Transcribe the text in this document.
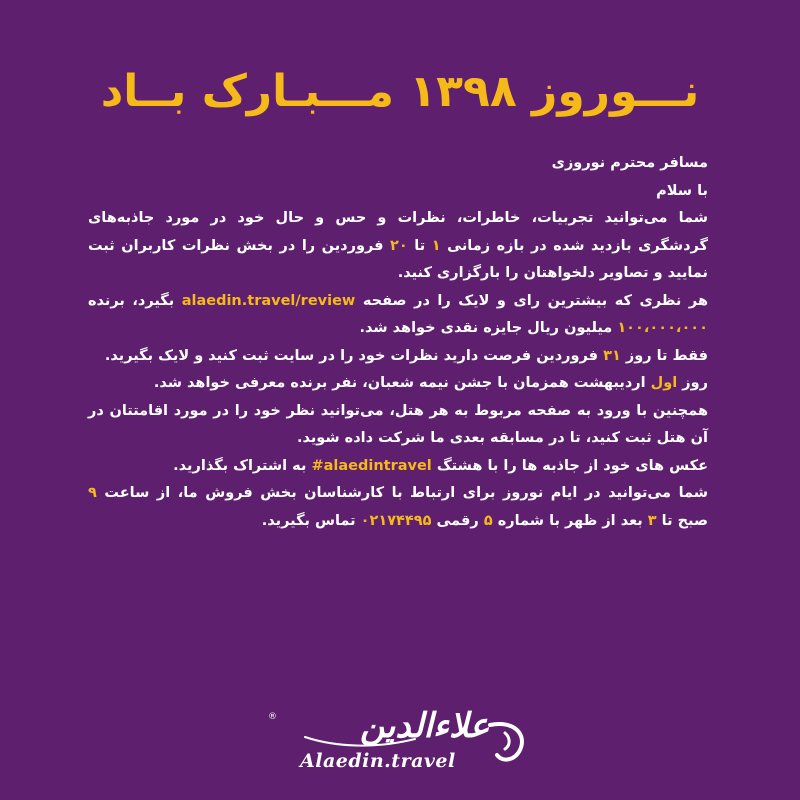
نـــوروز ۱۳۹۸ مـــبـارک بــاد

مسافر محترم نوروزی

با سلام

شما می‌توانید تجربیات، خاطرات، نظرات و حس و حال خود در مورد جاذبه‌های گردشگری بازدید شده در بازه زمانی ۱ تا ۲۰ فروردین را در بخش نظرات کاربران ثبت نمایید و تصاویر دلخواهتان را بارگزاری کنید.

هر نظری که بیشترین رای و لایک را در صفحه alaedin.travel/review بگیرد، برنده ۱۰۰،۰۰۰،۰۰۰ میلیون ریال جایزه نقدی خواهد شد.

فقط تا روز ۳۱ فروردین فرصت دارید نظرات خود را در سایت ثبت کنید و لایک بگیرید.

روز اول اردیبهشت همزمان با جشن نیمه شعبان، نفر برنده معرفی خواهد شد.

همچنین با ورود به صفحه مربوط به هر هتل، می‌توانید نظر خود را در مورد اقامتتان در آن هتل ثبت کنید، تا در مسابقه بعدی ما شرکت داده شوید.

عکس های خود از جاذبه ها را با هشتگ #alaedintravel به اشتراک بگذارید.

شما می‌توانید در ایام نوروز برای ارتباط با کارشناسان بخش فروش ما، از ساعت ۹ صبح تا ۳ بعد از ظهر با شماره ۵ رقمی ۰۲۱۷۴۴۹۵ تماس بگیرید.

® علاءالدین
Alaedin.travel
